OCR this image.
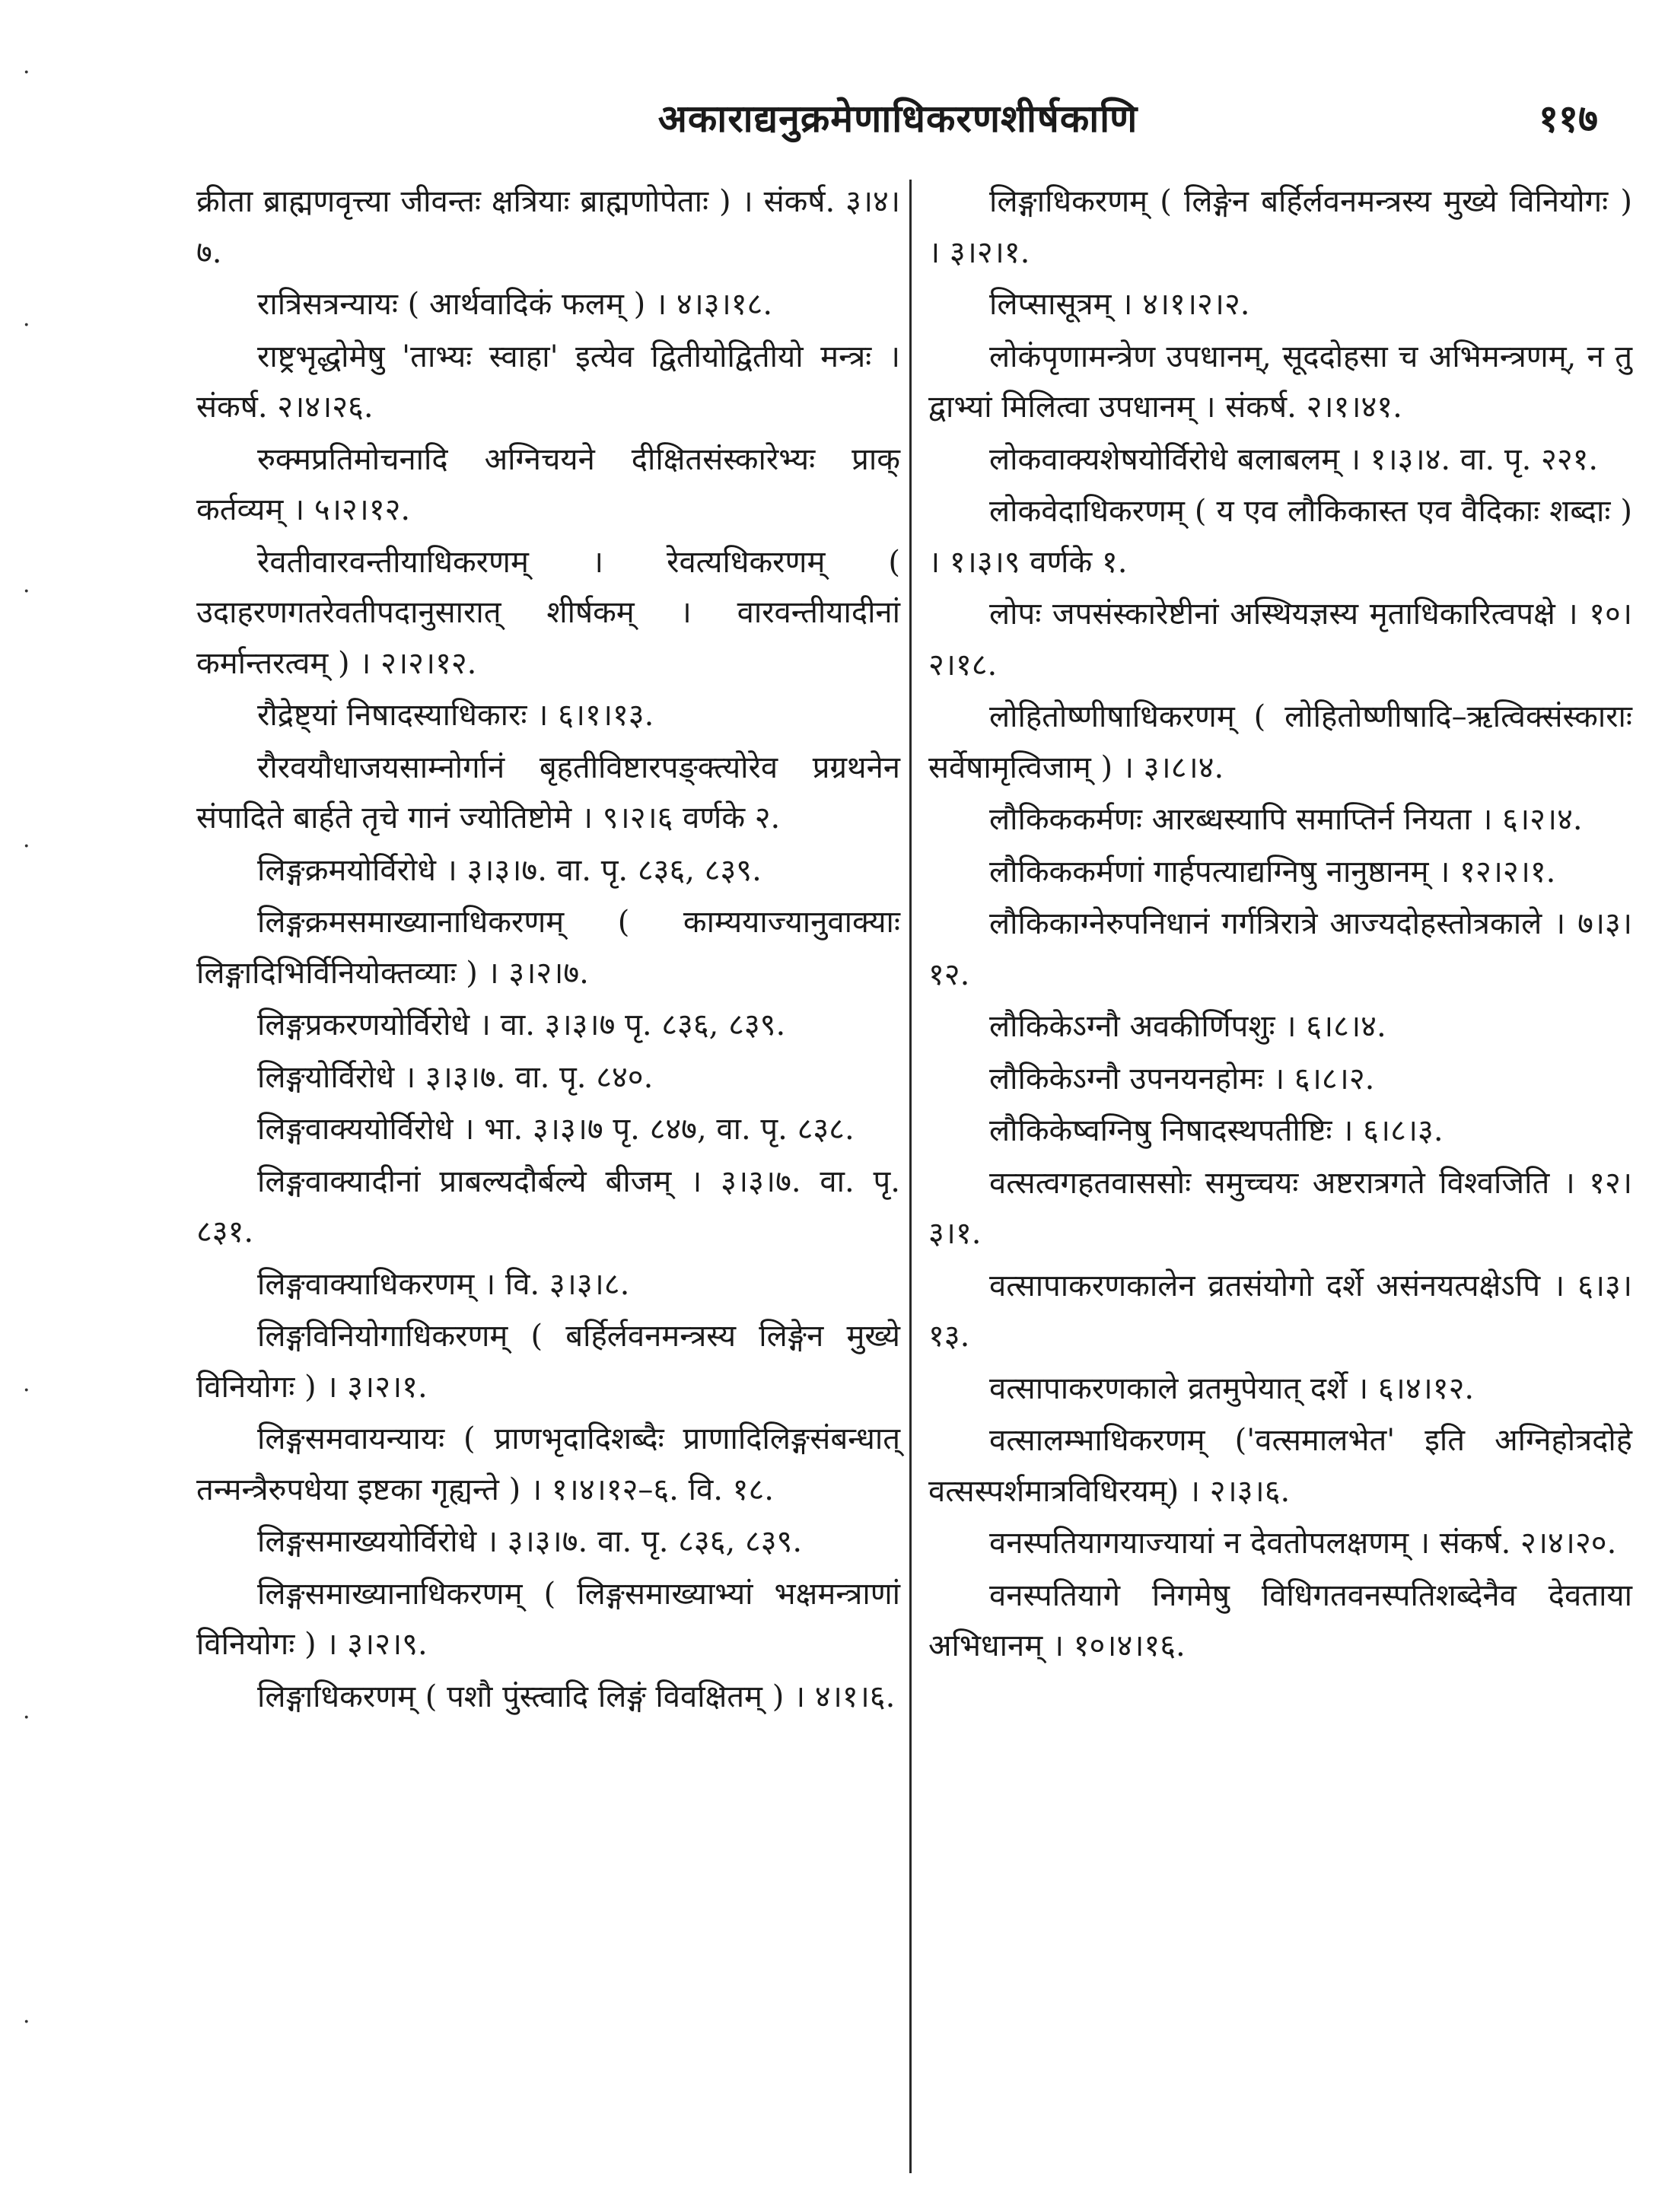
·
·
·
·
·
·
·
अकाराद्यनुक्रमेणाधिकरणशीर्षकाणि	११७

क्रीता ब्राह्मणवृत्त्या जीवन्तः क्षत्रियाः ब्राह्मणोपेताः ) । संकर्ष. ३।४।७.

रात्रिसत्रन्यायः ( आर्थवादिकं फलम् ) । ४।३।१८.

राष्ट्रभृद्धोमेषु 'ताभ्यः स्वाहा' इत्येव द्वितीयोद्वितीयो मन्त्रः । संकर्ष. २।४।२६.

रुक्मप्रतिमोचनादि अग्निचयने दीक्षितसंस्कारेभ्यः प्राक् कर्तव्यम् । ५।२।१२.

रेवतीवारवन्तीयाधिकरणम् । रेवत्यधिकरणम् ( उदाहरणगतरेवतीपदानुसारात् शीर्षकम् । वारवन्तीयादीनां कर्मान्तरत्वम् ) । २।२।१२.

रौद्रेष्ट्यां निषादस्याधिकारः । ६।१।१३.

रौरवयौधाजयसाम्नोर्गानं बृहतीविष्टारपङ्क्त्योरेव प्रग्रथनेन संपादिते बार्हते तृचे गानं ज्योतिष्टोमे । ९।२।६ वर्णके २.

लिङ्गक्रमयोर्विरोधे । ३।३।७. वा. पृ. ८३६, ८३९.

लिङ्गक्रमसमाख्यानाधिकरणम् ( काम्ययाज्यानुवाक्याः लिङ्गादिभिर्विनियोक्तव्याः ) । ३।२।७.

लिङ्गप्रकरणयोर्विरोधे । वा. ३।३।७ पृ. ८३६, ८३९.

लिङ्गयोर्विरोधे । ३।३।७. वा. पृ. ८४०.

लिङ्गवाक्ययोर्विरोधे । भा. ३।३।७ पृ. ८४७, वा. पृ. ८३८.

लिङ्गवाक्यादीनां प्राबल्यदौर्बल्ये बीजम् । ३।३।७. वा. पृ. ८३१.

लिङ्गवाक्याधिकरणम् । वि. ३।३।८.

लिङ्गविनियोगाधिकरणम् ( बर्हिर्लवनमन्त्रस्य लिङ्गेन मुख्ये विनियोगः ) । ३।२।१.

लिङ्गसमवायन्यायः ( प्राणभृदादिशब्दैः प्राणादिलिङ्गसंबन्धात् तन्मन्त्रैरुपधेया इष्टका गृह्यन्ते ) । १।४।१२–६. वि. १८.

लिङ्गसमाख्ययोर्विरोधे । ३।३।७. वा. पृ. ८३६, ८३९.

लिङ्गसमाख्यानाधिकरणम् ( लिङ्गसमाख्याभ्यां भक्षमन्त्राणां विनियोगः ) । ३।२।९.

लिङ्गाधिकरणम् ( पशौ पुंस्त्वादि लिङ्गं विवक्षितम् ) । ४।१।६.

लिङ्गाधिकरणम् ( लिङ्गेन बर्हिर्लवनमन्त्रस्य मुख्ये विनियोगः ) । ३।२।१.

लिप्सासूत्रम् । ४।१।२।२.

लोकंपृणामन्त्रेण उपधानम्, सूददोहसा च अभिमन्त्रणम्, न तु द्वाभ्यां मिलित्वा उपधानम् । संकर्ष. २।१।४१.

लोकवाक्यशेषयोर्विरोधे बलाबलम् । १।३।४. वा. पृ. २२१.

लोकवेदाधिकरणम् ( य एव लौकिकास्त एव वैदिकाः शब्दाः ) । १।३।९ वर्णके १.

लोपः जपसंस्कारेष्टीनां अस्थियज्ञस्य मृताधिकारित्वपक्षे । १०।२।१८.

लोहितोष्णीषाधिकरणम् ( लोहितोष्णीषादि–ऋत्विक्संस्काराः सर्वेषामृत्विजाम् ) । ३।८।४.

लौकिककर्मणः आरब्धस्यापि समाप्तिर्न नियता । ६।२।४.

लौकिककर्मणां गार्हपत्याद्यग्निषु नानुष्ठानम् । १२।२।१.

लौकिकाग्नेरुपनिधानं गर्गत्रिरात्रे आज्यदोहस्तोत्रकाले । ७।३।१२.

लौकिकेऽग्नौ अवकीर्णिपशुः । ६।८।४.

लौकिकेऽग्नौ उपनयनहोमः । ६।८।२.

लौकिकेष्वग्निषु निषादस्थपतीष्टिः । ६।८।३.

वत्सत्वगहतवाससोः समुच्चयः अष्टरात्रगते विश्वजिति । १२।३।१.

वत्सापाकरणकालेन व्रतसंयोगो दर्शे असंनयत्पक्षेऽपि । ६।३।१३.

वत्सापाकरणकाले व्रतमुपेयात् दर्शे । ६।४।१२.

वत्सालम्भाधिकरणम् ('वत्समालभेत' इति अग्निहोत्रदोहे वत्सस्पर्शमात्रविधिरयम्) । २।३।६.

वनस्पतियागयाज्यायां न देवतोपलक्षणम् । संकर्ष. २।४।२०.

वनस्पतियागे निगमेषु विधिगतवनस्पतिशब्देनैव देवताया अभिधानम् । १०।४।१६.
